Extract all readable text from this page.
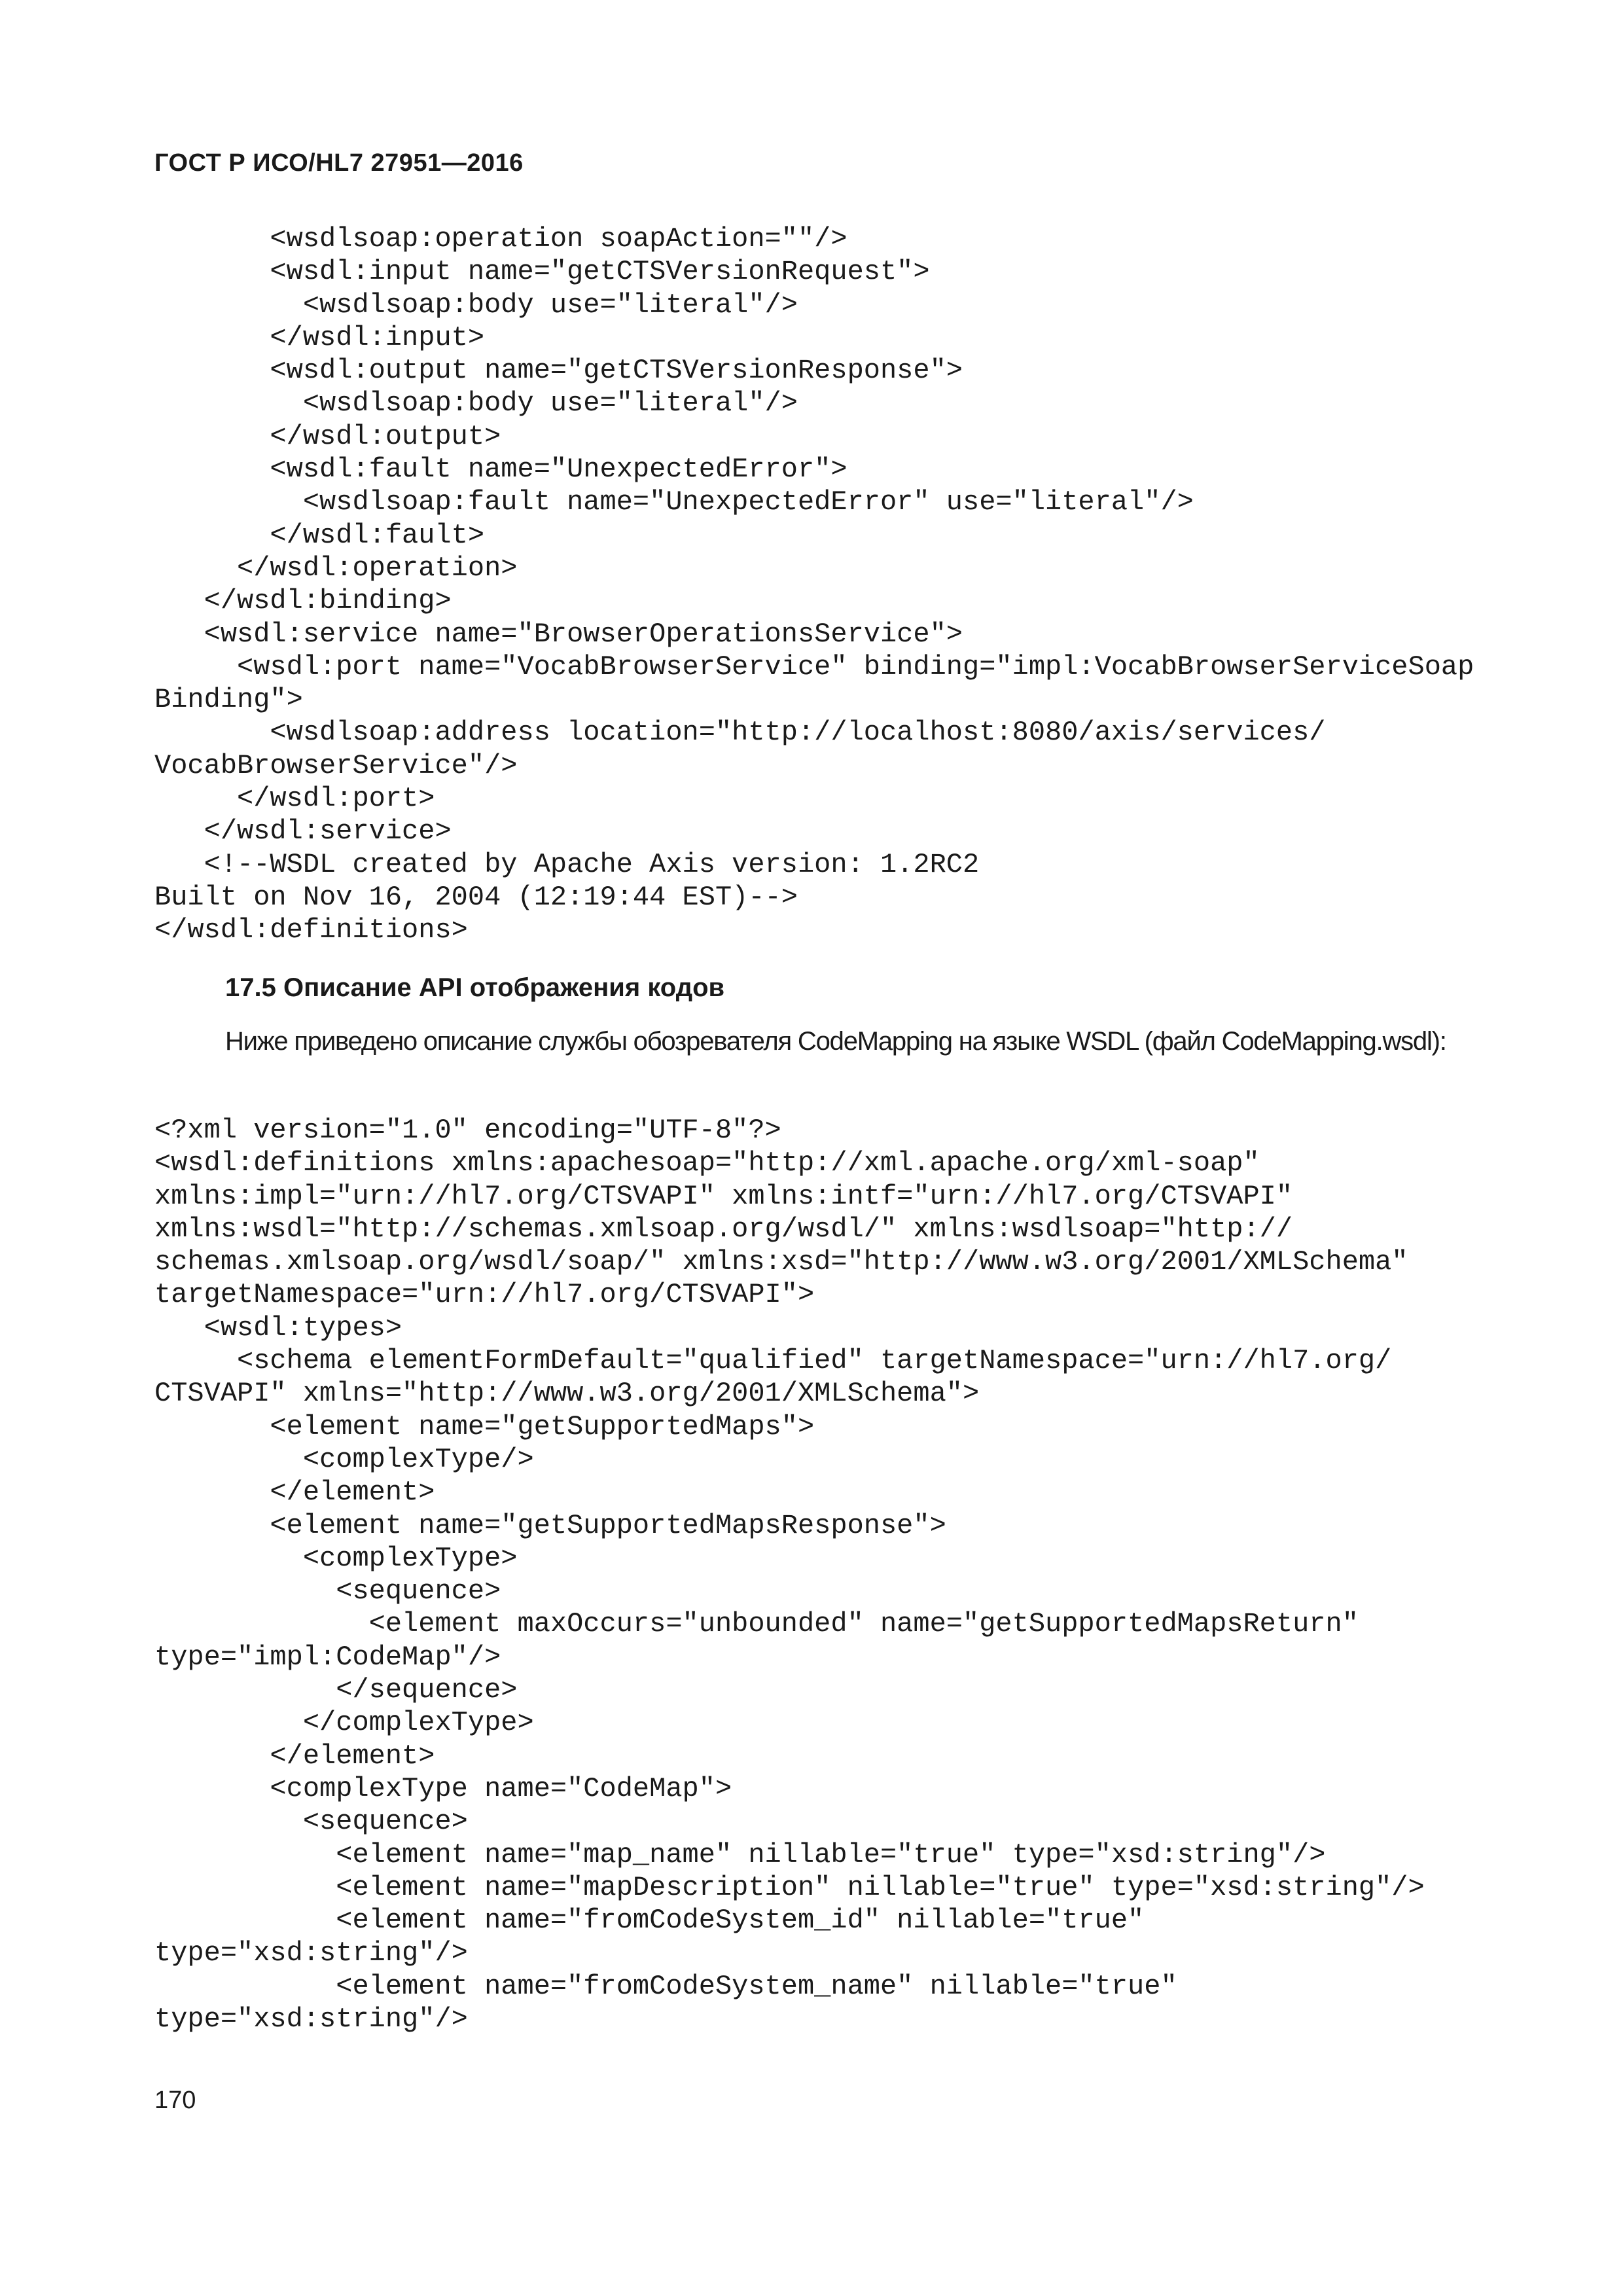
ГОСТ Р ИСО/HL7 27951—2016
<wsdlsoap:operation soapAction=""/>
<wsdl:input name="getCTSVersionRequest">
<wsdlsoap:body use="literal"/>
</wsdl:input>
<wsdl:output name="getCTSVersionResponse">
<wsdlsoap:body use="literal"/>
</wsdl:output>
<wsdl:fault name="UnexpectedError">
<wsdlsoap:fault name="UnexpectedError" use="literal"/>
</wsdl:fault>
</wsdl:operation>
</wsdl:binding>
<wsdl:service name="BrowserOperationsService">
<wsdl:port name="VocabBrowserService" binding="impl:VocabBrowserServiceSoap
Binding">
<wsdlsoap:address location="http://localhost:8080/axis/services/
VocabBrowserService"/>
</wsdl:port>
</wsdl:service>
<!--WSDL created by Apache Axis version: 1.2RC2
Built on Nov 16, 2004 (12:19:44 EST)-->
</wsdl:definitions>
17.5 Описание API отображения кодов

Ниже приведено описание службы обозревателя CodeMapping на языке WSDL (файл CodeMapping.wsdl):

<?xml version="1.0" encoding="UTF-8"?>
<wsdl:definitions xmlns:apachesoap="http://xml.apache.org/xml-soap"
xmlns:impl="urn://hl7.org/CTSVAPI" xmlns:intf="urn://hl7.org/CTSVAPI"
xmlns:wsdl="http://schemas.xmlsoap.org/wsdl/" xmlns:wsdlsoap="http://
schemas.xmlsoap.org/wsdl/soap/" xmlns:xsd="http://www.w3.org/2001/XMLSchema"
targetNamespace="urn://hl7.org/CTSVAPI">
<wsdl:types>
<schema elementFormDefault="qualified" targetNamespace="urn://hl7.org/
CTSVAPI" xmlns="http://www.w3.org/2001/XMLSchema">
<element name="getSupportedMaps">
<complexType/>
</element>
<element name="getSupportedMapsResponse">
<complexType>
<sequence>
<element maxOccurs="unbounded" name="getSupportedMapsReturn"
type="impl:CodeMap"/>
</sequence>
</complexType>
</element>
<complexType name="CodeMap">
<sequence>
<element name="map_name" nillable="true" type="xsd:string"/>
<element name="mapDescription" nillable="true" type="xsd:string"/>
<element name="fromCodeSystem_id" nillable="true"
type="xsd:string"/>
<element name="fromCodeSystem_name" nillable="true"
type="xsd:string"/>
170
